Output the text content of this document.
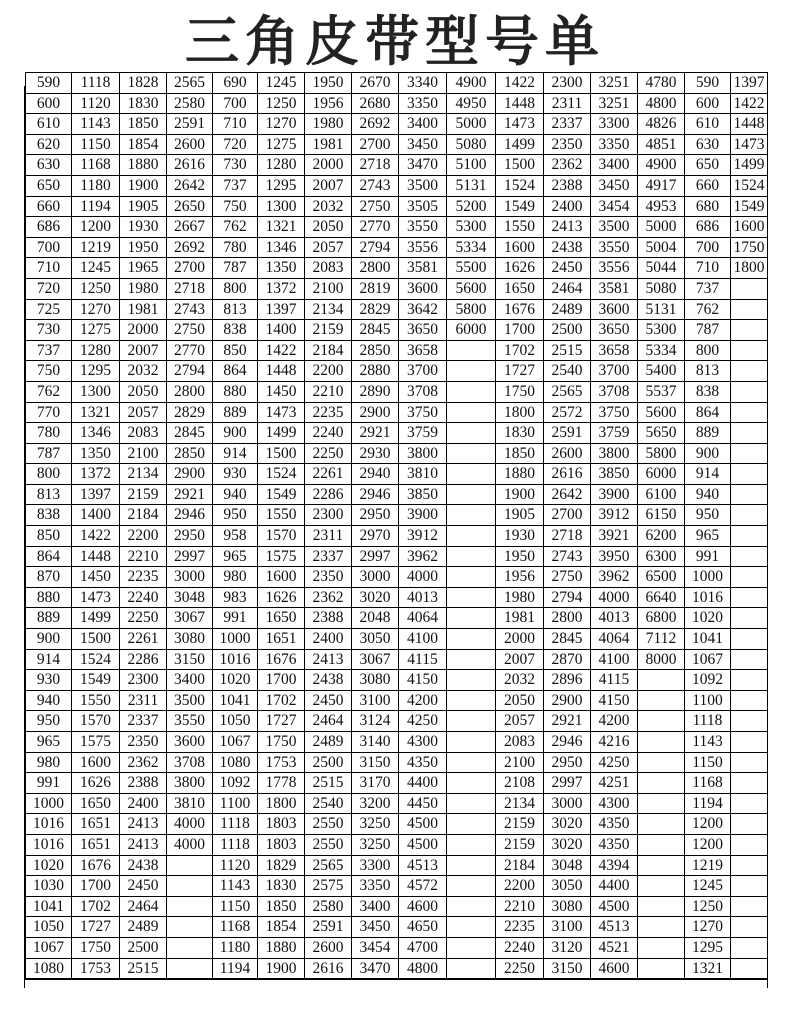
三角皮带型号单
590	1118	1828	2565	690	1245	1950	2670	3340	4900	1422	2300	3251	4780	590	1397
600	1120	1830	2580	700	1250	1956	2680	3350	4950	1448	2311	3251	4800	600	1422
610	1143	1850	2591	710	1270	1980	2692	3400	5000	1473	2337	3300	4826	610	1448
620	1150	1854	2600	720	1275	1981	2700	3450	5080	1499	2350	3350	4851	630	1473
630	1168	1880	2616	730	1280	2000	2718	3470	5100	1500	2362	3400	4900	650	1499
650	1180	1900	2642	737	1295	2007	2743	3500	5131	1524	2388	3450	4917	660	1524
660	1194	1905	2650	750	1300	2032	2750	3505	5200	1549	2400	3454	4953	680	1549
686	1200	1930	2667	762	1321	2050	2770	3550	5300	1550	2413	3500	5000	686	1600
700	1219	1950	2692	780	1346	2057	2794	3556	5334	1600	2438	3550	5004	700	1750
710	1245	1965	2700	787	1350	2083	2800	3581	5500	1626	2450	3556	5044	710	1800
720	1250	1980	2718	800	1372	2100	2819	3600	5600	1650	2464	3581	5080	737	
725	1270	1981	2743	813	1397	2134	2829	3642	5800	1676	2489	3600	5131	762	
730	1275	2000	2750	838	1400	2159	2845	3650	6000	1700	2500	3650	5300	787	
737	1280	2007	2770	850	1422	2184	2850	3658		1702	2515	3658	5334	800	
750	1295	2032	2794	864	1448	2200	2880	3700		1727	2540	3700	5400	813	
762	1300	2050	2800	880	1450	2210	2890	3708		1750	2565	3708	5537	838	
770	1321	2057	2829	889	1473	2235	2900	3750		1800	2572	3750	5600	864	
780	1346	2083	2845	900	1499	2240	2921	3759		1830	2591	3759	5650	889	
787	1350	2100	2850	914	1500	2250	2930	3800		1850	2600	3800	5800	900	
800	1372	2134	2900	930	1524	2261	2940	3810		1880	2616	3850	6000	914	
813	1397	2159	2921	940	1549	2286	2946	3850		1900	2642	3900	6100	940	
838	1400	2184	2946	950	1550	2300	2950	3900		1905	2700	3912	6150	950	
850	1422	2200	2950	958	1570	2311	2970	3912		1930	2718	3921	6200	965	
864	1448	2210	2997	965	1575	2337	2997	3962		1950	2743	3950	6300	991	
870	1450	2235	3000	980	1600	2350	3000	4000		1956	2750	3962	6500	1000	
880	1473	2240	3048	983	1626	2362	3020	4013		1980	2794	4000	6640	1016	
889	1499	2250	3067	991	1650	2388	2048	4064		1981	2800	4013	6800	1020	
900	1500	2261	3080	1000	1651	2400	3050	4100		2000	2845	4064	7112	1041	
914	1524	2286	3150	1016	1676	2413	3067	4115		2007	2870	4100	8000	1067	
930	1549	2300	3400	1020	1700	2438	3080	4150		2032	2896	4115		1092	
940	1550	2311	3500	1041	1702	2450	3100	4200		2050	2900	4150		1100	
950	1570	2337	3550	1050	1727	2464	3124	4250		2057	2921	4200		1118	
965	1575	2350	3600	1067	1750	2489	3140	4300		2083	2946	4216		1143	
980	1600	2362	3708	1080	1753	2500	3150	4350		2100	2950	4250		1150	
991	1626	2388	3800	1092	1778	2515	3170	4400		2108	2997	4251		1168	
1000	1650	2400	3810	1100	1800	2540	3200	4450		2134	3000	4300		1194	
1016	1651	2413	4000	1118	1803	2550	3250	4500		2159	3020	4350		1200	
1016	1651	2413	4000	1118	1803	2550	3250	4500		2159	3020	4350		1200	
1020	1676	2438		1120	1829	2565	3300	4513		2184	3048	4394		1219	
1030	1700	2450		1143	1830	2575	3350	4572		2200	3050	4400		1245	
1041	1702	2464		1150	1850	2580	3400	4600		2210	3080	4500		1250	
1050	1727	2489		1168	1854	2591	3450	4650		2235	3100	4513		1270	
1067	1750	2500		1180	1880	2600	3454	4700		2240	3120	4521		1295	
1080	1753	2515		1194	1900	2616	3470	4800		2250	3150	4600		1321	
